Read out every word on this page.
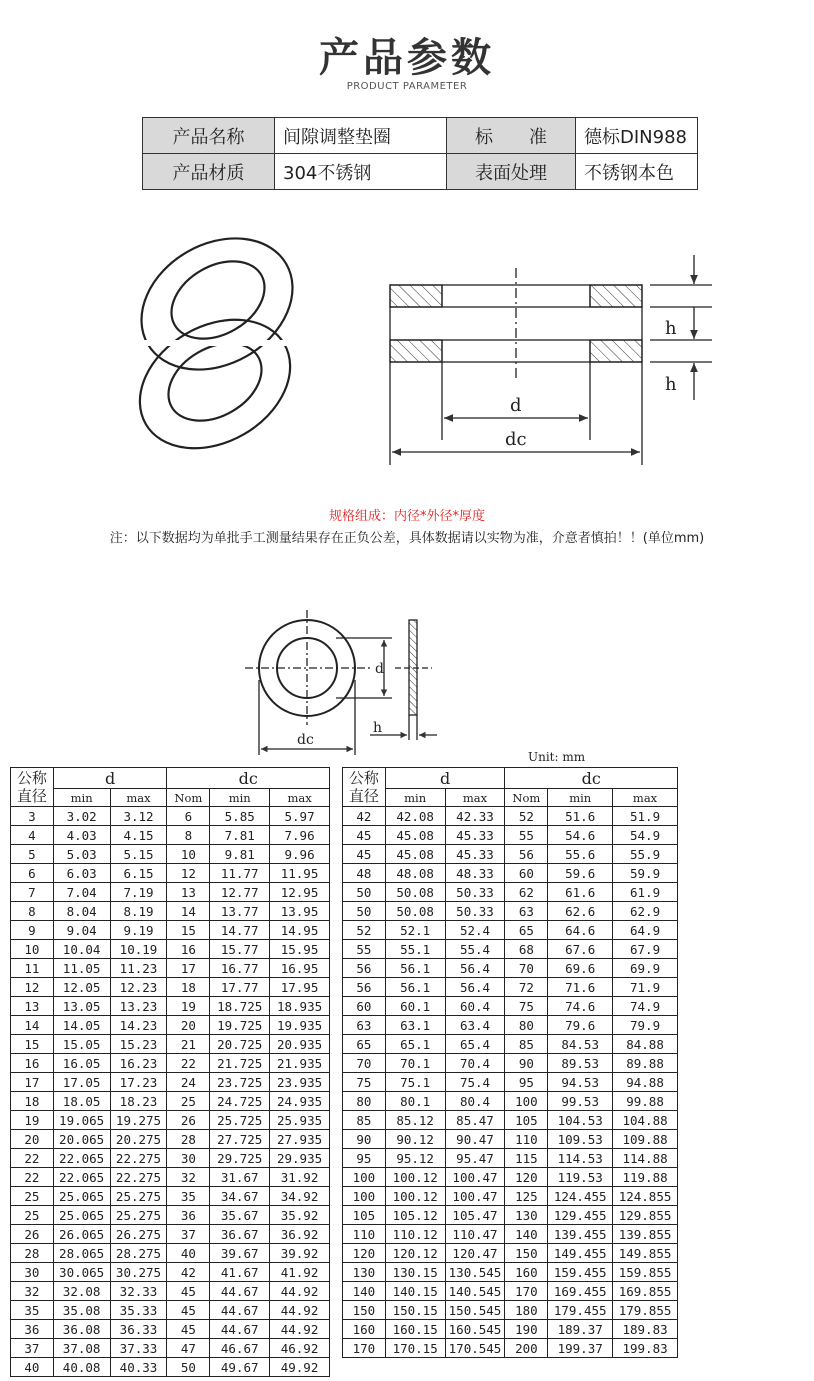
产品参数
PRODUCT PARAMETER
产品名称	间隙调整垫圈	标　　准	德标DIN988
产品材质	304不锈钢	表面处理	不锈钢本色
d
dc
h
h
规格组成：内径*外径*厚度
注：以下数据均为单批手工测量结果存在正负公差，具体数据请以实物为准，介意者慎拍！！(单位mm)
d
dc
h
Unit: mm
公称直径	d		dc		
	min	max	Nom	min	max
3	3.02	3.12	6	5.85	5.97
4	4.03	4.15	8	7.81	7.96
5	5.03	5.15	10	9.81	9.96
6	6.03	6.15	12	11.77	11.95
7	7.04	7.19	13	12.77	12.95
8	8.04	8.19	14	13.77	13.95
9	9.04	9.19	15	14.77	14.95
10	10.04	10.19	16	15.77	15.95
11	11.05	11.23	17	16.77	16.95
12	12.05	12.23	18	17.77	17.95
13	13.05	13.23	19	18.725	18.935
14	14.05	14.23	20	19.725	19.935
15	15.05	15.23	21	20.725	20.935
16	16.05	16.23	22	21.725	21.935
17	17.05	17.23	24	23.725	23.935
18	18.05	18.23	25	24.725	24.935
19	19.065	19.275	26	25.725	25.935
20	20.065	20.275	28	27.725	27.935
22	22.065	22.275	30	29.725	29.935
22	22.065	22.275	32	31.67	31.92
25	25.065	25.275	35	34.67	34.92
25	25.065	25.275	36	35.67	35.92
26	26.065	26.275	37	36.67	36.92
28	28.065	28.275	40	39.67	39.92
30	30.065	30.275	42	41.67	41.92
32	32.08	32.33	45	44.67	44.92
35	35.08	35.33	45	44.67	44.92
36	36.08	36.33	45	44.67	44.92
37	37.08	37.33	47	46.67	46.92
40	40.08	40.33	50	49.67	49.92
公称直径	d		dc		
	min	max	Nom	min	max
42	42.08	42.33	52	51.6	51.9
45	45.08	45.33	55	54.6	54.9
45	45.08	45.33	56	55.6	55.9
48	48.08	48.33	60	59.6	59.9
50	50.08	50.33	62	61.6	61.9
50	50.08	50.33	63	62.6	62.9
52	52.1	52.4	65	64.6	64.9
55	55.1	55.4	68	67.6	67.9
56	56.1	56.4	70	69.6	69.9
56	56.1	56.4	72	71.6	71.9
60	60.1	60.4	75	74.6	74.9
63	63.1	63.4	80	79.6	79.9
65	65.1	65.4	85	84.53	84.88
70	70.1	70.4	90	89.53	89.88
75	75.1	75.4	95	94.53	94.88
80	80.1	80.4	100	99.53	99.88
85	85.12	85.47	105	104.53	104.88
90	90.12	90.47	110	109.53	109.88
95	95.12	95.47	115	114.53	114.88
100	100.12	100.47	120	119.53	119.88
100	100.12	100.47	125	124.455	124.855
105	105.12	105.47	130	129.455	129.855
110	110.12	110.47	140	139.455	139.855
120	120.12	120.47	150	149.455	149.855
130	130.15	130.545	160	159.455	159.855
140	140.15	140.545	170	169.455	169.855
150	150.15	150.545	180	179.455	179.855
160	160.15	160.545	190	189.37	189.83
170	170.15	170.545	200	199.37	199.83
